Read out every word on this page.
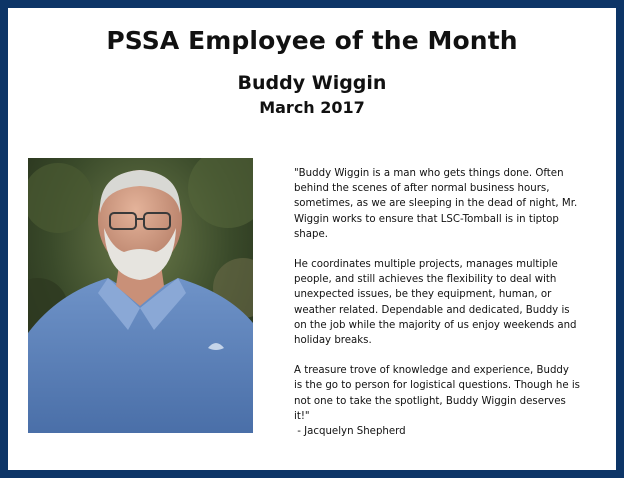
PSSA Employee of the Month
Buddy Wiggin
March 2017

"Buddy Wiggin is a man who gets things done. Often behind the scenes of after normal business hours, sometimes, as we are sleeping in the dead of night, Mr. Wiggin works to ensure that LSC-Tomball is in tiptop shape.

He coordinates multiple projects, manages multiple people, and still achieves the flexibility to deal with unexpected issues, be they equipment, human, or weather related. Dependable and dedicated, Buddy is on the job while the majority of us enjoy weekends and holiday breaks.

A treasure trove of knowledge and experience, Buddy is the go to person for logistical questions. Though he is not one to take the spotlight, Buddy Wiggin deserves it!"

- Jacquelyn Shepherd
